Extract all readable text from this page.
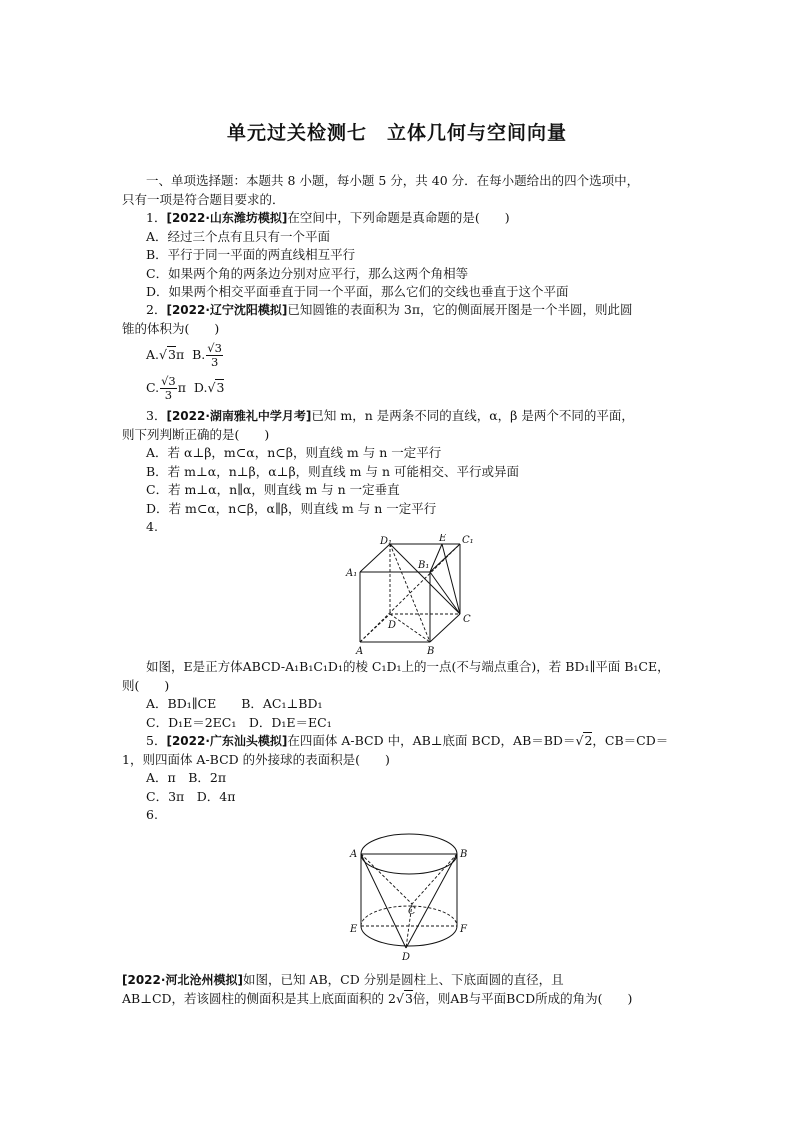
单元过关检测七　立体几何与空间向量

一、单项选择题：本题共 8 小题，每小题 5 分，共 40 分．在每小题给出的四个选项中，

只有一项是符合题目要求的．

1．[2022·山东潍坊模拟]在空间中，下列命题是真命题的是(　　)

A．经过三个点有且只有一个平面

B．平行于同一平面的两直线相互平行

C．如果两个角的两条边分别对应平行，那么这两个角相等

D．如果两个相交平面垂直于同一个平面，那么它们的交线也垂直于这个平面

2．[2022·辽宁沈阳模拟]已知圆锥的表面积为 3π，它的侧面展开图是一个半圆，则此圆

锥的体积为(　　)

A.√3π B. $\frac{√3}{3}$

C. $\frac{√3}{3}$ π D.√3

3．[2022·湖南雅礼中学月考]已知 m，n 是两条不同的直线，α，β 是两个不同的平面，

则下列判断正确的是(　　)

A．若 α⊥β，m⊂α，n⊂β，则直线 m 与 n 一定平行

B．若 m⊥α，n⊥β，α⊥β，则直线 m 与 n 可能相交、平行或异面

C．若 m⊥α，n∥α，则直线 m 与 n 一定垂直

D．若 m⊂α，n⊂β，α∥β，则直线 m 与 n 一定平行

4.

D₁	E C₁
A₁
B₁
D
C
A	B

如图，E是正方体ABCD-A₁B₁C₁D₁的棱 C₁D₁上的一点(不与端点重合)，若 BD₁∥平面 B₁CE，

则(　　)

A．BD₁∥CE　　B．AC₁⊥BD₁

C．D₁E＝2EC₁　D．D₁E＝EC₁

5．[2022·广东汕头模拟]在四面体 A-BCD 中，AB⊥底面 BCD，AB＝BD＝√2，CB＝CD＝

1，则四面体 A-BCD 的外接球的表面积是(　　)

A．π　B．2π

C．3π　D．4π

6.

A	B
C
D
E	F

[2022·河北沧州模拟]如图，已知 AB，CD 分别是圆柱上、下底面圆的直径，且

AB⊥CD，若该圆柱的侧面积是其上底面面积的 2√3倍，则AB与平面BCD所成的角为(　　)
